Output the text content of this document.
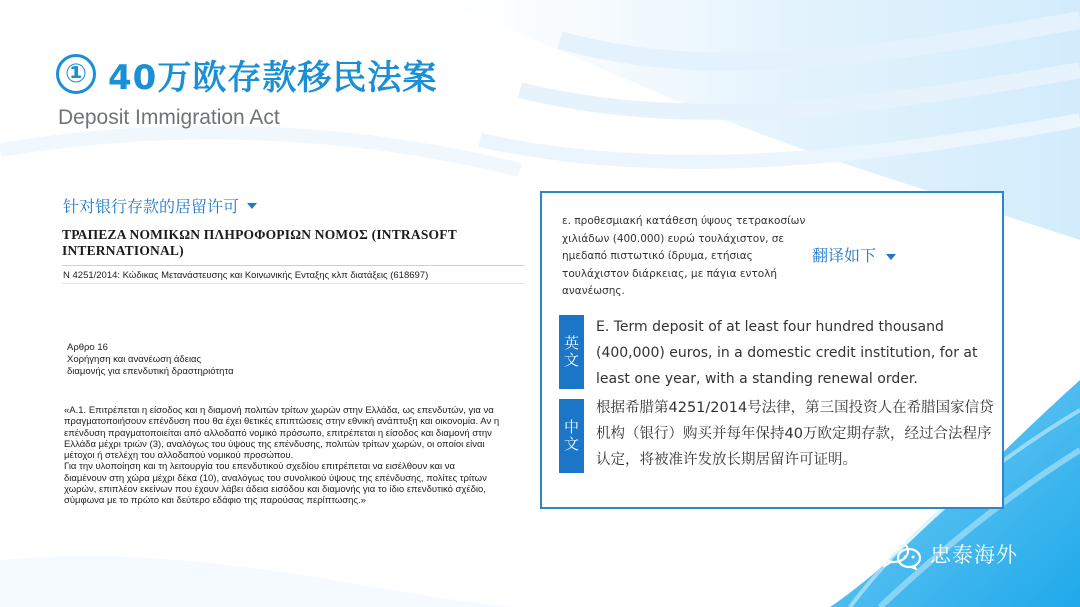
① 40万欧存款移民法案
Deposit Immigration Act
针对银行存款的居留许可
ΤΡΑΠΕΖΑ ΝΟΜΙΚΩΝ ΠΛΗΡΟΦΟΡΙΩΝ ΝΟΜΟΣ (INTRASOFT INTERNATIONAL)
Ν 4251/2014: Κώδικας Μετανάστευσης και Κοινωνικής Ενταξης κλπ διατάξεις (618697)
Αρθρο 16
Χορήγηση και ανανέωση άδειας
διαμονής για επενδυτική δραστηριότητα

«Α.1. Επιτρέπεται η είσοδος και η διαμονή πολιτών τρίτων χωρών στην Ελλάδα, ως επενδυτών, για να

πραγματοποιήσουν επένδυση που θα έχει θετικές επιπτώσεις στην εθνική ανάπτυξη και οικονομία. Αν η

επένδυση πραγματοποιείται από αλλοδαπό νομικό πρόσωπο, επιτρέπεται η είσοδος και διαμονή στην

Ελλάδα μέχρι τριών (3), αναλόγως του ύψους της επένδυσης, πολιτών τρίτων χωρών, οι οποίοι είναι

μέτοχοι ή στελέχη του αλλοδαπού νομικού προσώπου.

Για την υλοποίηση και τη λειτουργία του επενδυτικού σχεδίου επιτρέπεται να εισέλθουν και να

διαμένουν στη χώρα μέχρι δέκα (10), αναλόγως του συνολικού ύψους της επένδυσης, πολίτες τρίτων

χωρών, επιπλέον εκείνων που έχουν λάβει άδεια εισόδου και διαμονής για το ίδιο επενδυτικό σχέδιο,

σύμφωνα με το πρώτο και δεύτερο εδάφιο της παρούσας περίπτωσης.»

ε. προθεσμιακή κατάθεση ύψους τετρακοσίων χιλιάδων (400.000) ευρώ τουλάχιστον, σε ημεδαπό πιστωτικό ίδρυμα, ετήσιας τουλάχιστον διάρκειας, με πάγια εντολή ανανέωσης.
翻译如下
英
文
E. Term deposit of at least four hundred thousand (400,000) euros, in a domestic credit institution, for at least one year, with a standing renewal order.
中
文
根据希腊第4251/2014号法律，第三国投资人在希腊国家信贷机构（银行）购买并每年保持40万欧定期存款，经过合法程序认定，将被准许发放长期居留许可证明。
忠泰海外
